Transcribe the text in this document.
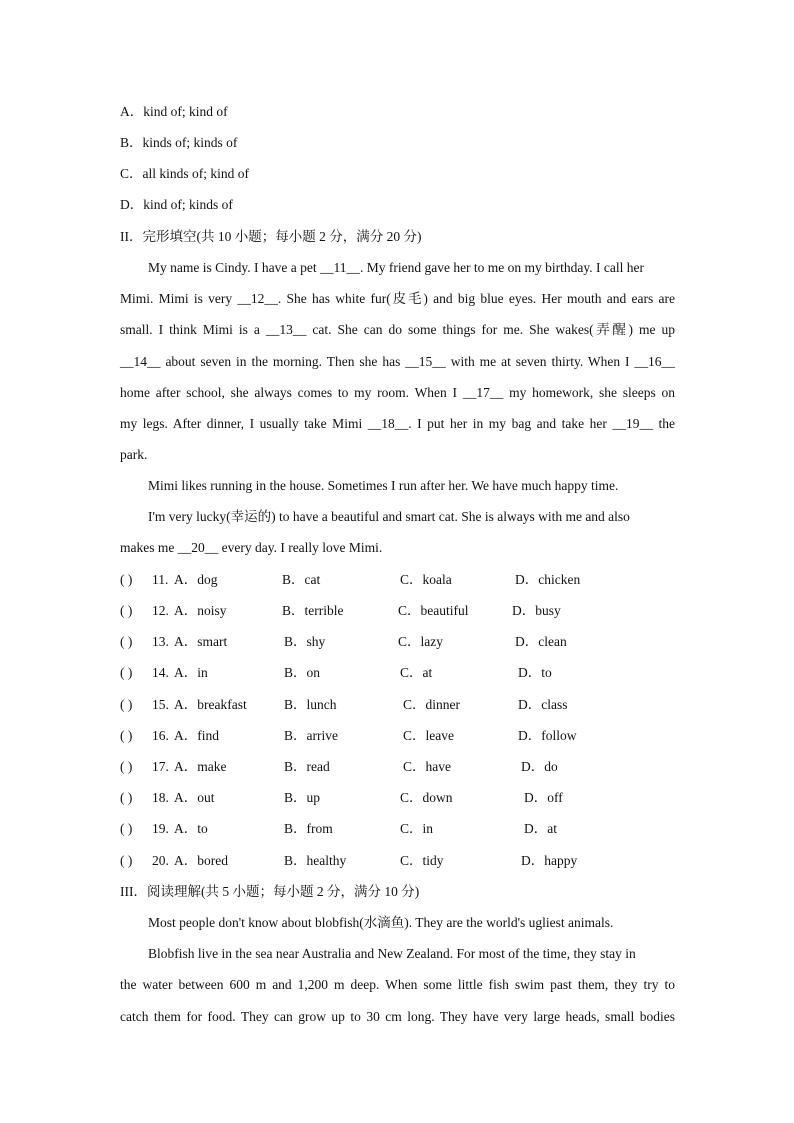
A．kind of; kind of
B．kinds of; kinds of
C．all kinds of; kind of
D．kind of; kinds of
II．完形填空(共 10 小题；每小题 2 分，满分 20 分)
My name is Cindy. I have a pet __11__. My friend gave her to me on my birthday. I call her
Mimi. Mimi is very __12__. She has white fur(皮毛) and big blue eyes. Her mouth and ears are
small. I think Mimi is a __13__ cat. She can do some things for me. She wakes(弄醒) me up
__14__ about seven in the morning. Then she has __15__ with me at seven thirty. When I __16__
home after school, she always comes to my room. When I __17__ my homework, she sleeps on
my legs. After dinner, I usually take Mimi __18__. I put her in my bag and take her __19__ the
park.
Mimi likes running in the house. Sometimes I run after her. We have much happy time.
I'm very lucky(幸运的) to have a beautiful and smart cat. She is always with me and also
makes me __20__ every day. I really love Mimi.
( ) 11. A．dog	B．cat	C．koala	D．chicken
( ) 12. A．noisy	B．terrible	C．beautiful	D．busy
( ) 13. A．smart	B．shy	C．lazy	D．clean
( ) 14. A．in	B．on	C．at	D．to
( ) 15. A．breakfast	B．lunch	C．dinner	D．class
( ) 16. A．find	B．arrive	C．leave	D．follow
( ) 17. A．make	B．read	C．have	D．do
( ) 18. A．out	B．up	C．down	D．off
( ) 19. A．to	B．from	C．in	D．at
( ) 20. A．bored	B．healthy	C．tidy	D．happy
III．阅读理解(共 5 小题；每小题 2 分，满分 10 分)
Most people don't know about blobfish(水滴鱼). They are the world's ugliest animals.
Blobfish live in the sea near Australia and New Zealand. For most of the time, they stay in
the water between 600 m and 1,200 m deep. When some little fish swim past them, they try to
catch them for food. They can grow up to 30 cm long. They have very large heads, small bodies
